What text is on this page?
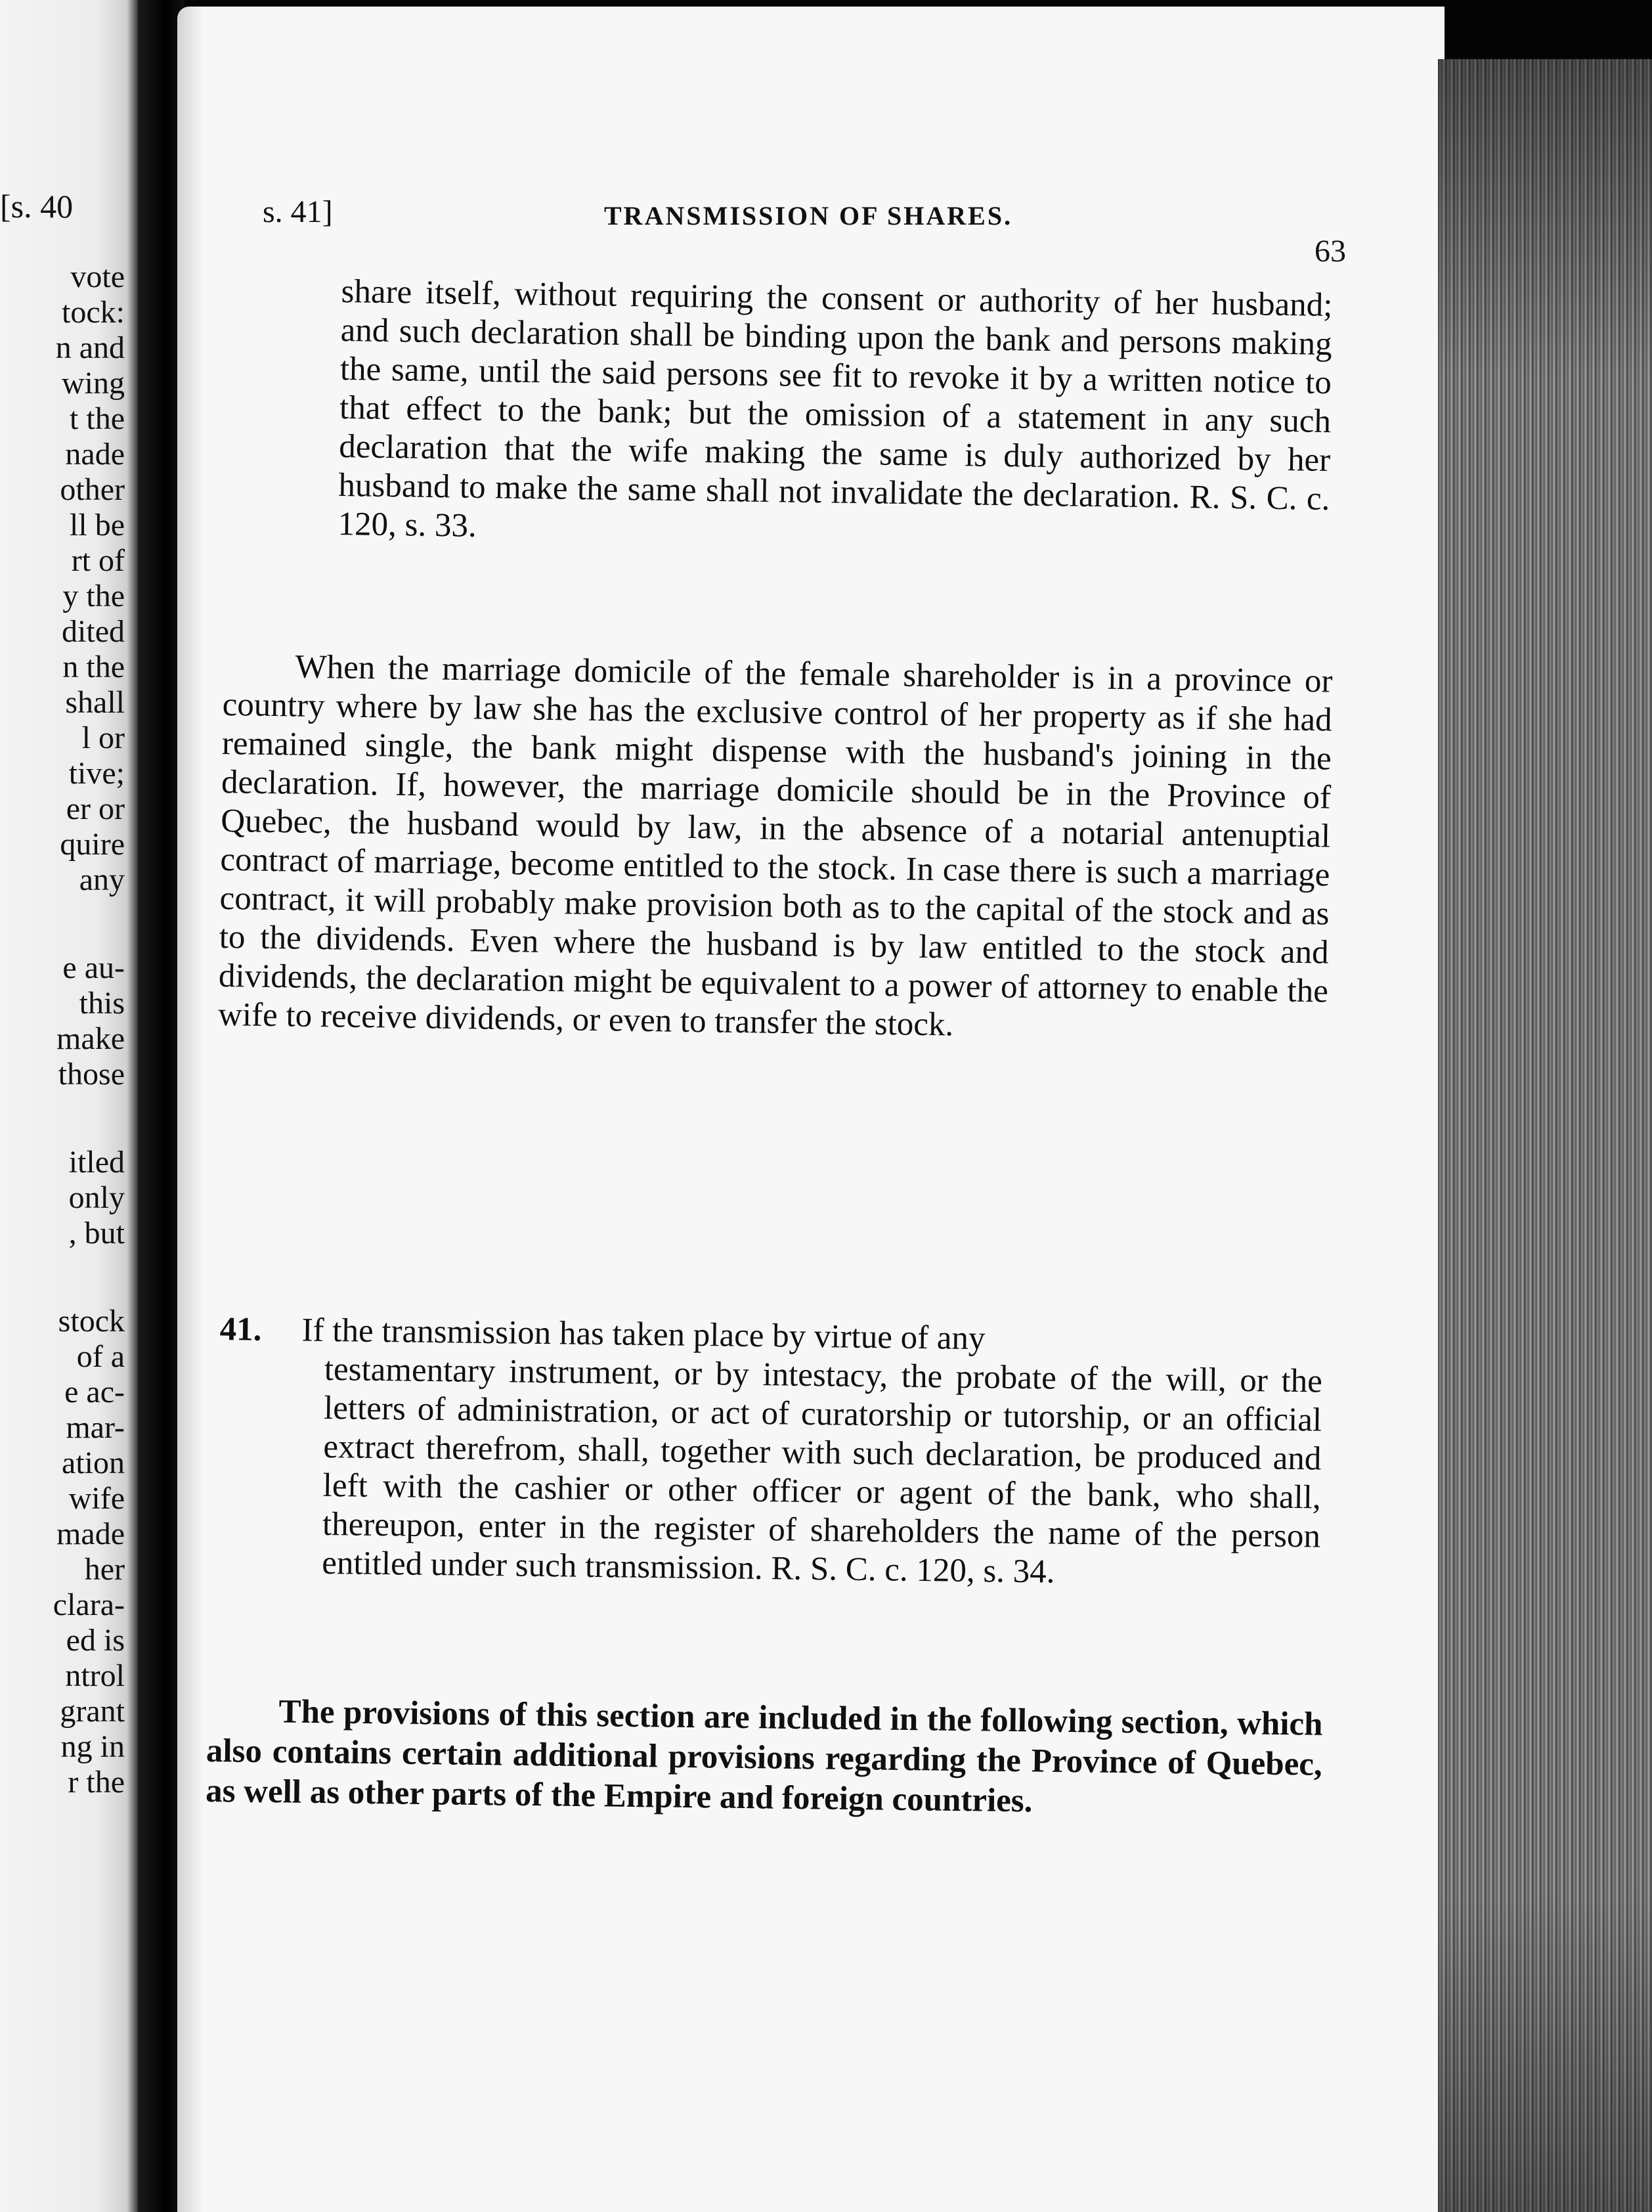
[s. 40
vote
tock:
n and
wing
t the
nade
other
ll be
rt of
y the
dited
n the
shall
l or
tive;
er or
quire
any
e au-
this
make
those
itled
only
, but
stock
of a
e ac-
mar-
ation
wife
made
her
clara-
ed is
ntrol
grant
ng in
r the
s. 41]	TRANSMISSION OF SHARES.
63

share itself, without requiring the consent or authority of her husband; and such declaration shall be binding upon the bank and persons making the same, until the said persons see fit to revoke it by a written notice to that effect to the bank; but the omission of a statement in any such declaration that the wife making the same is duly authorized by her husband to make the same shall not invalidate the declaration. R. S. C. c. 120, s. 33.

When the marriage domicile of the female shareholder is in a province or country where by law she has the exclusive control of her property as if she had remained single, the bank might dispense with the husband's joining in the declaration. If, however, the marriage domicile should be in the Province of Quebec, the husband would by law, in the absence of a notarial antenuptial contract of marriage, become entitled to the stock. In case there is such a marriage contract, it will probably make provision both as to the capital of the stock and as to the dividends. Even where the husband is by law entitled to the stock and dividends, the declaration might be equivalent to a power of attorney to enable the wife to receive dividends, or even to transfer the stock.

41. If the transmission has taken place by virtue of any
testamentary instrument, or by intestacy, the probate of the will, or the letters of administration, or act of curatorship or tutorship, or an official extract therefrom, shall, together with such declaration, be produced and left with the cashier or other officer or agent of the bank, who shall, thereupon, enter in the register of shareholders the name of the person entitled under such transmission. R. S. C. c. 120, s. 34.

The provisions of this section are included in the following section, which also contains certain additional provisions regarding the Province of Quebec, as well as other parts of the Empire and foreign countries.
